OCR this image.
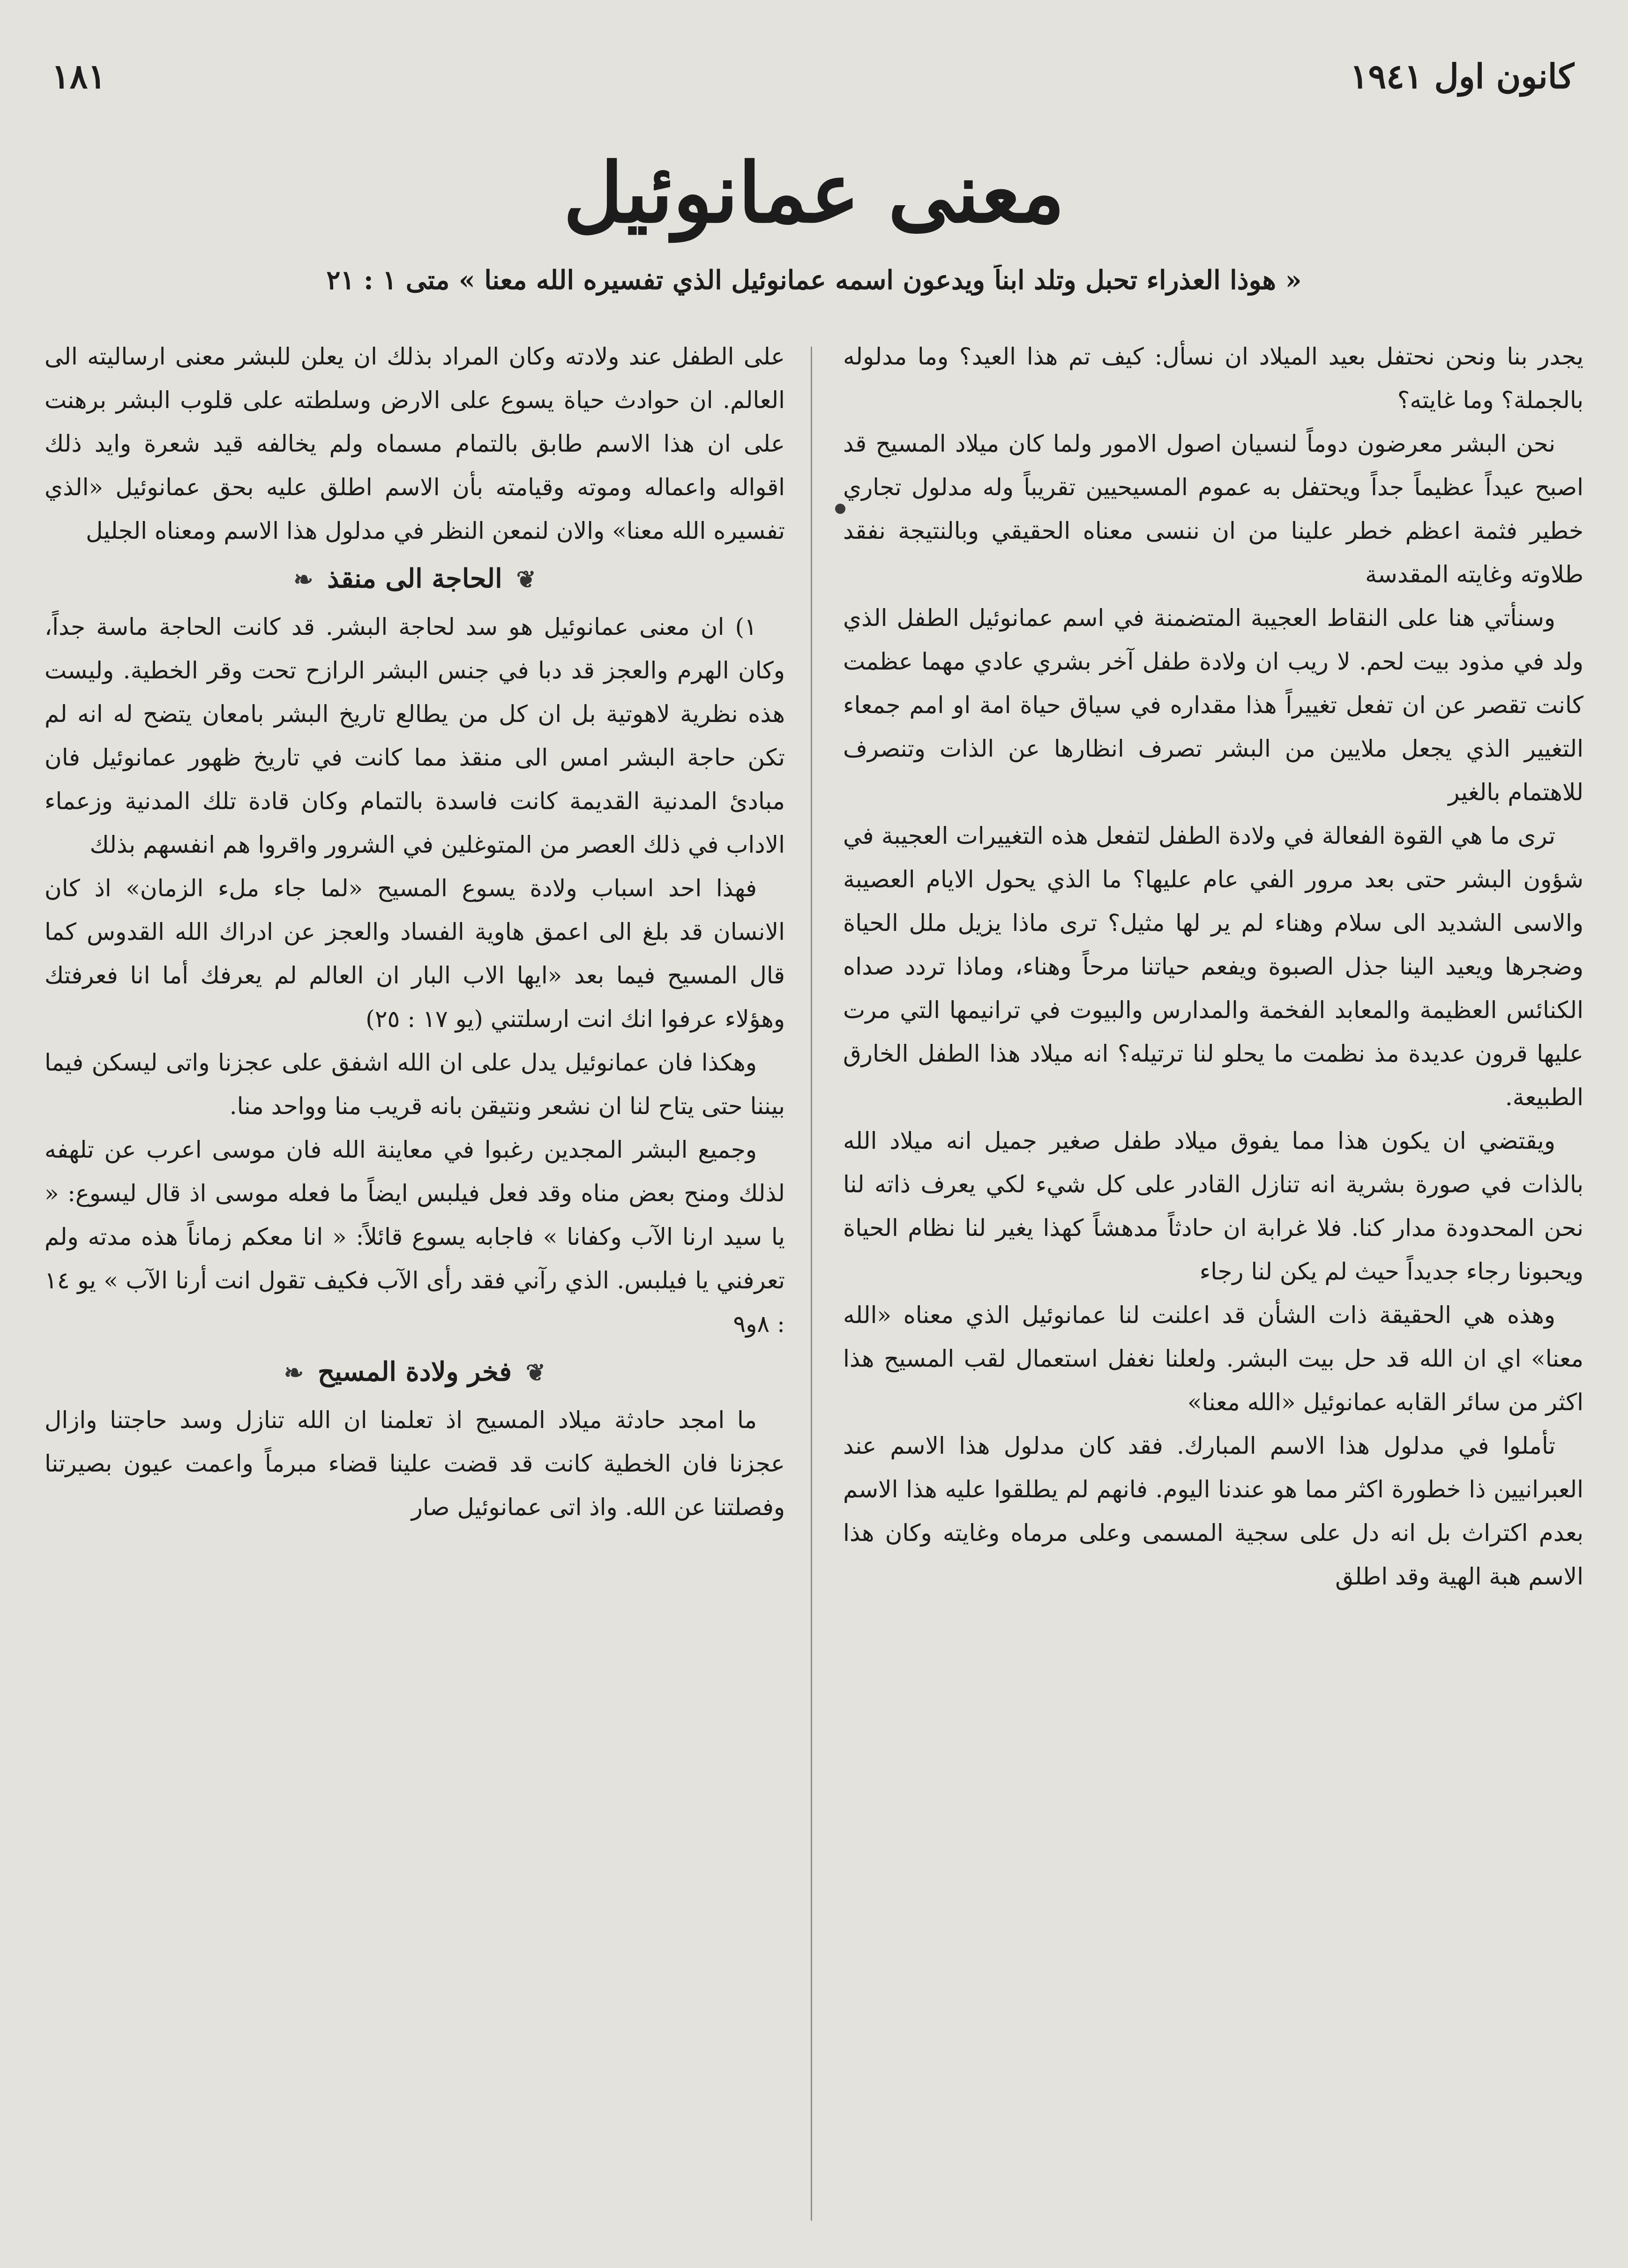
كانون اول ١٩٤١
١٨١
معنى عمانوئيل
« هوذا العذراء تحبل وتلد ابناً ويدعون اسمه عمانوئيل الذي تفسيره الله معنا » متى ١ : ٢١

يجدر بنا ونحن نحتفل بعيد الميلاد ان نسأل: كيف تم هذا العيد؟ وما مدلوله بالجملة؟ وما غايته؟

نحن البشر معرضون دوماً لنسيان اصول الامور ولما كان ميلاد المسيح قد اصبح عيداً عظيماً جداً ويحتفل به عموم المسيحيين تقريباً وله مدلول تجاري خطير فثمة اعظم خطر علينا من ان ننسى معناه الحقيقي وبالنتيجة نفقد طلاوته وغايته المقدسة

وسنأتي هنا على النقاط العجيبة المتضمنة في اسم عمانوئيل الطفل الذي ولد في مذود بيت لحم. لا ريب ان ولادة طفل آخر بشري عادي مهما عظمت كانت تقصر عن ان تفعل تغييراً هذا مقداره في سياق حياة امة او امم جمعاء التغيير الذي يجعل ملايين من البشر تصرف انظارها عن الذات وتنصرف للاهتمام بالغير

ترى ما هي القوة الفعالة في ولادة الطفل لتفعل هذه التغييرات العجيبة في شؤون البشر حتى بعد مرور الفي عام عليها؟ ما الذي يحول الايام العصيبة والاسى الشديد الى سلام وهناء لم ير لها مثيل؟ ترى ماذا يزيل ملل الحياة وضجرها ويعيد الينا جذل الصبوة ويفعم حياتنا مرحاً وهناء، وماذا تردد صداه الكنائس العظيمة والمعابد الفخمة والمدارس والبيوت في ترانيمها التي مرت عليها قرون عديدة مذ نظمت ما يحلو لنا ترتيله؟ انه ميلاد هذا الطفل الخارق الطبيعة.

ويقتضي ان يكون هذا مما يفوق ميلاد طفل صغير جميل انه ميلاد الله بالذات في صورة بشرية انه تنازل القادر على كل شيء لكي يعرف ذاته لنا نحن المحدودة مدار كنا. فلا غرابة ان حادثاً مدهشاً كهذا يغير لنا نظام الحياة ويحبونا رجاء جديداً حيث لم يكن لنا رجاء

وهذه هي الحقيقة ذات الشأن قد اعلنت لنا عمانوئيل الذي معناه «الله معنا» اي ان الله قد حل بيت البشر. ولعلنا نغفل استعمال لقب المسيح هذا اكثر من سائر القابه عمانوئيل «الله معنا»

تأملوا في مدلول هذا الاسم المبارك. فقد كان مدلول هذا الاسم عند العبرانيين ذا خطورة اكثر مما هو عندنا اليوم. فانهم لم يطلقوا عليه هذا الاسم بعدم اكتراث بل انه دل على سجية المسمى وعلى مرماه وغايته وكان هذا الاسم هبة الهية وقد اطلق

على الطفل عند ولادته وكان المراد بذلك ان يعلن للبشر معنى ارساليته الى العالم. ان حوادث حياة يسوع على الارض وسلطته على قلوب البشر برهنت على ان هذا الاسم طابق بالتمام مسماه ولم يخالفه قيد شعرة وايد ذلك اقواله واعماله وموته وقيامته بأن الاسم اطلق عليه بحق عمانوئيل «الذي تفسيره الله معنا» والان لنمعن النظر في مدلول هذا الاسم ومعناه الجليل

❦الحاجة الى منقذ❧

١) ان معنى عمانوئيل هو سد لحاجة البشر. قد كانت الحاجة ماسة جداً، وكان الهرم والعجز قد دبا في جنس البشر الرازح تحت وقر الخطية. وليست هذه نظرية لاهوتية بل ان كل من يطالع تاريخ البشر بامعان يتضح له انه لم تكن حاجة البشر امس الى منقذ مما كانت في تاريخ ظهور عمانوئيل فان مبادئ المدنية القديمة كانت فاسدة بالتمام وكان قادة تلك المدنية وزعماء الاداب في ذلك العصر من المتوغلين في الشرور واقروا هم انفسهم بذلك

فهذا احد اسباب ولادة يسوع المسيح «لما جاء ملء الزمان» اذ كان الانسان قد بلغ الى اعمق هاوية الفساد والعجز عن ادراك الله القدوس كما قال المسيح فيما بعد «ايها الاب البار ان العالم لم يعرفك أما انا فعرفتك وهؤلاء عرفوا انك انت ارسلتني (يو ١٧ : ٢٥)

وهكذا فان عمانوئيل يدل على ان الله اشفق على عجزنا واتى ليسكن فيما بيننا حتى يتاح لنا ان نشعر ونتيقن بانه قريب منا وواحد منا.

وجميع البشر المجدين رغبوا في معاينة الله فان موسى اعرب عن تلهفه لذلك ومنح بعض مناه وقد فعل فيلبس ايضاً ما فعله موسى اذ قال ليسوع: « يا سيد ارنا الآب وكفانا » فاجابه يسوع قائلاً: « انا معكم زماناً هذه مدته ولم تعرفني يا فيلبس. الذي رآني فقد رأى الآب فكيف تقول انت أرنا الآب » يو ١٤ : ٨و٩

❦فخر ولادة المسيح❧

ما امجد حادثة ميلاد المسيح اذ تعلمنا ان الله تنازل وسد حاجتنا وازال عجزنا فان الخطية كانت قد قضت علينا قضاء مبرماً واعمت عيون بصيرتنا وفصلتنا عن الله. واذ اتى عمانوئيل صار
